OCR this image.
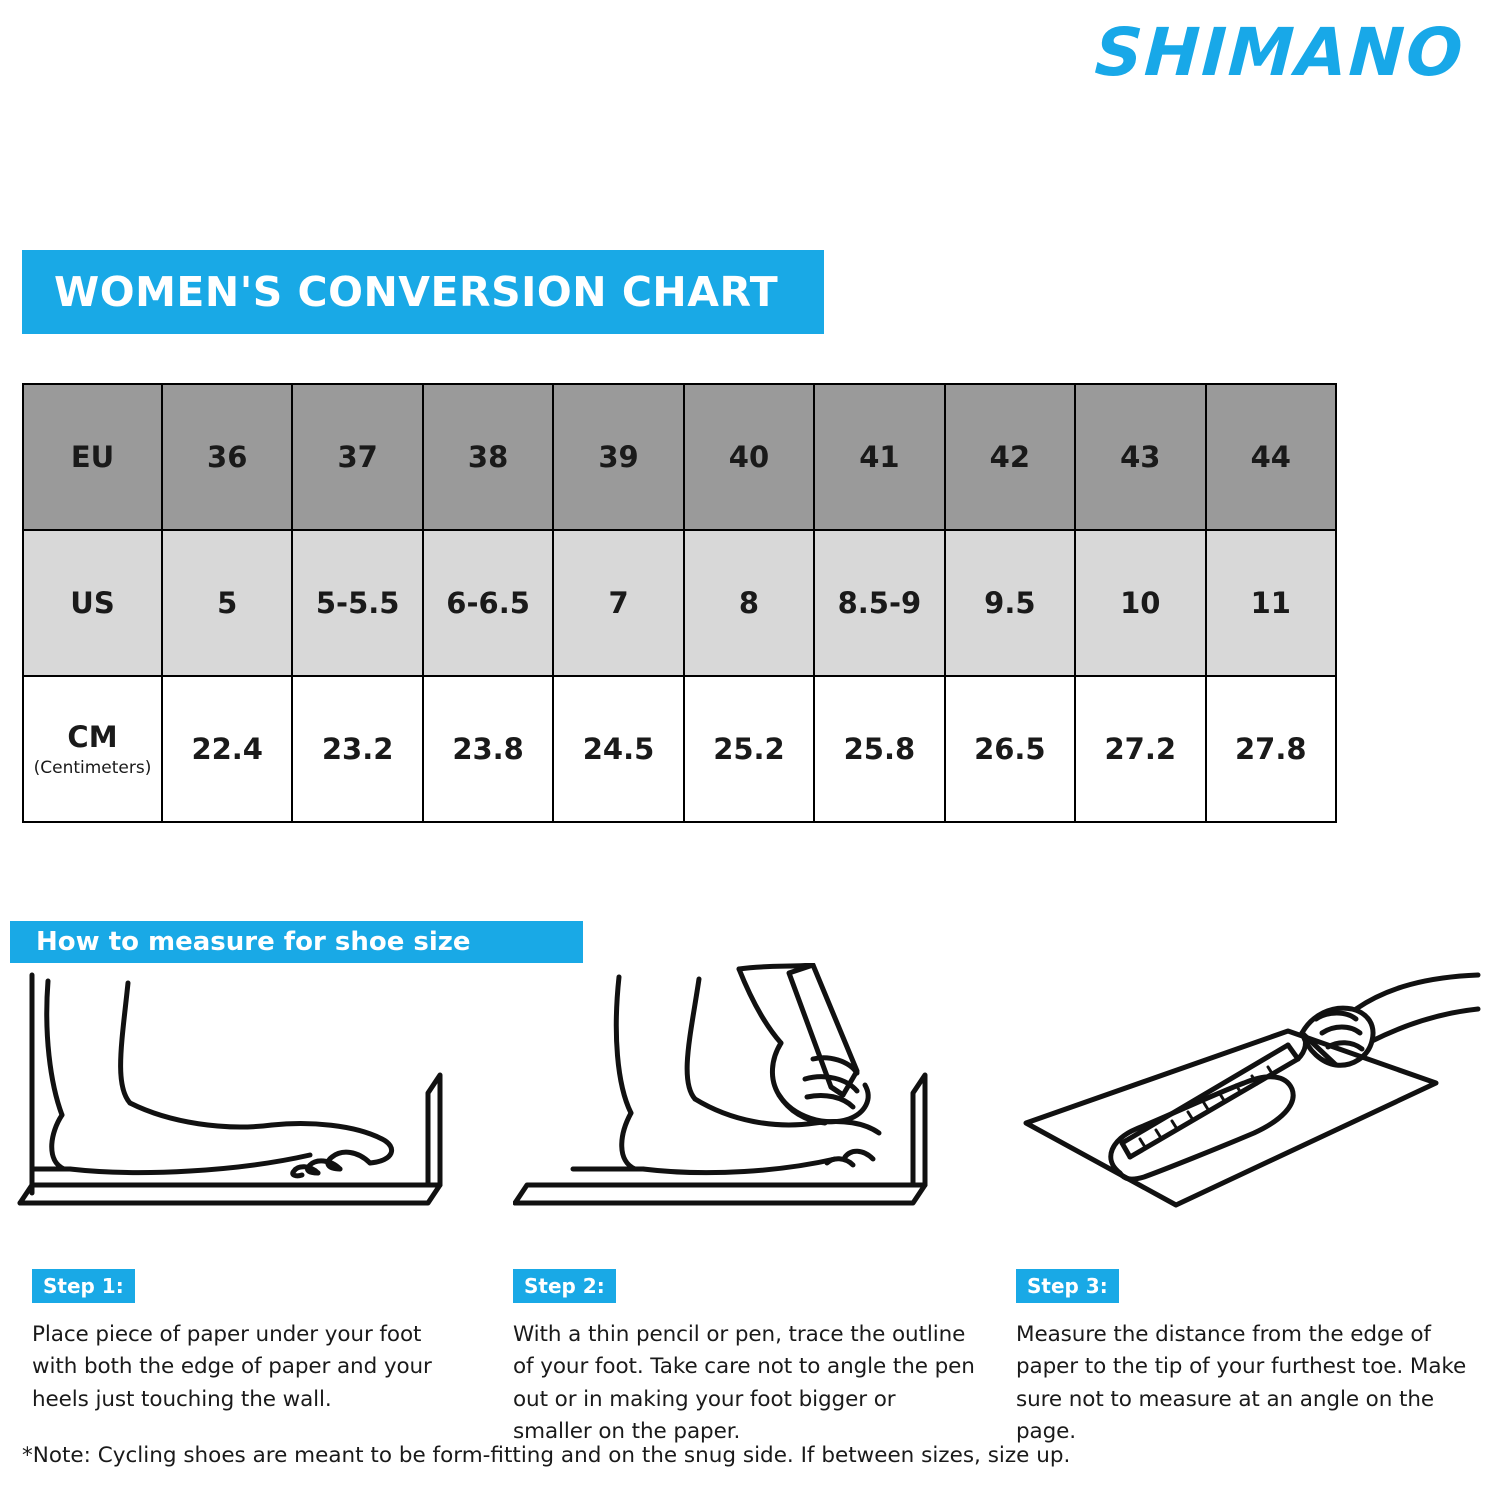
SHIMANO
WOMEN'S CONVERSION CHART
EU	36	37	38	39	40	41	42	43	44
US	5	5-5.5	6-6.5	7	8	8.5-9	9.5	10	11
CM
(Centimeters)	22.4	23.2	23.8	24.5	25.2	25.8	26.5	27.2	27.8
How to measure for shoe size
Step 1:
Place piece of paper under your foot with both the edge of paper and your heels just touching the wall.
Step 2:
With a thin pencil or pen, trace the outline of your foot. Take care not to angle the pen out or in making your foot bigger or smaller on the paper.
Step 3:
Measure the distance from the edge of paper to the tip of your furthest toe. Make sure not to measure at an angle on the page.
*Note: Cycling shoes are meant to be form-fitting and on the snug side. If between sizes, size up.
